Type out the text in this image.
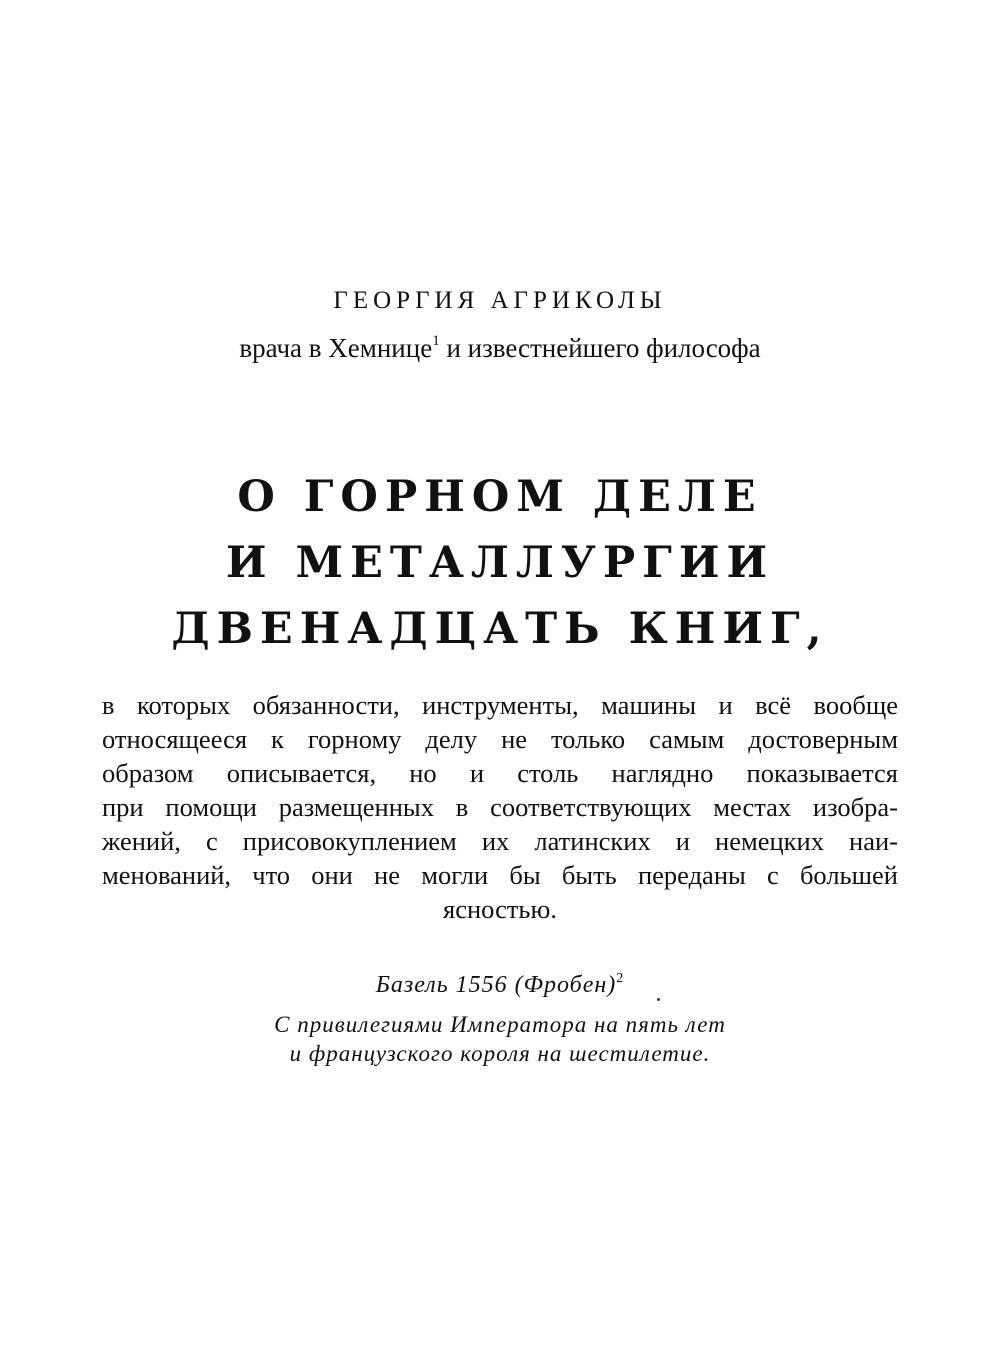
ГЕОРГИЯ АГРИКОЛЫ
врача в Хемнице$^1$ и известнейшего философа
О ГОРНОМ ДЕЛЕ
И МЕТАЛЛУРГИИ
ДВЕНАДЦАТЬ КНИГ,
в которых обязанности, инструменты, машины и всё вообще
относящееся к горному делу не только самым достоверным
образом описывается, но и столь наглядно показывается
при помощи размещенных в соответствующих местах изобра-
жений, с присовокуплением их латинских и немецких наи-
менований, что они не могли бы быть переданы с большей
ясностью.
Базель 1556 (Фробен)$^2$
С привилегиями Императора на пять лет
и французского короля на шестилетие.
